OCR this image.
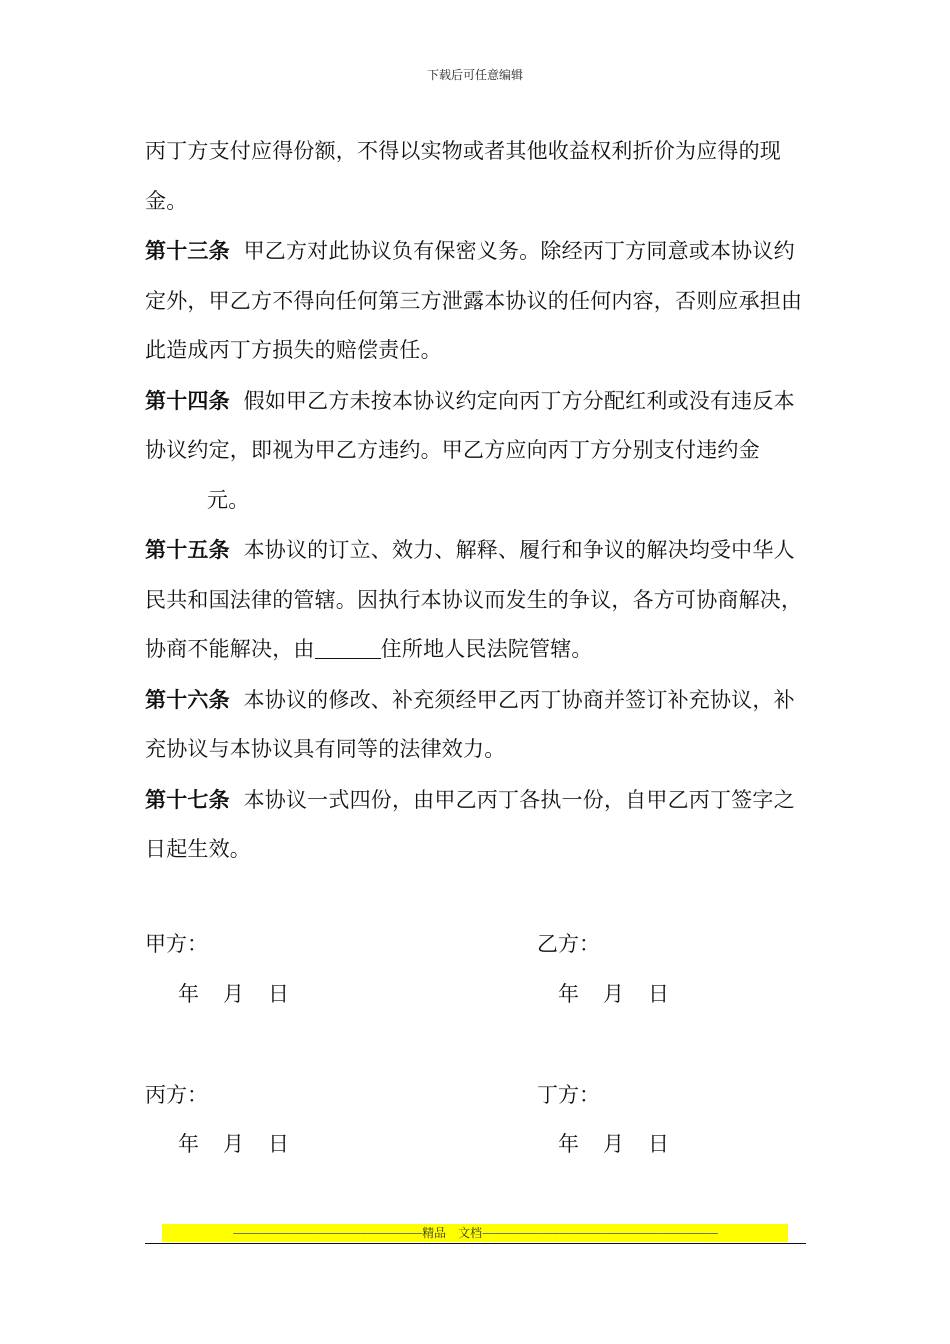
下载后可任意编辑

丙丁方支付应得份额，不得以实物或者其他收益权利折价为应得的现金。

第十三条 甲乙方对此协议负有保密义务。除经丙丁方同意或本协议约定外，甲乙方不得向任何第三方泄露本协议的任何内容，否则应承担由此造成丙丁方损失的赔偿责任。

第十四条 假如甲乙方未按本协议约定向丙丁方分配红利或没有违反本协议约定，即视为甲乙方违约。甲乙方应向丙丁方分别支付违约金元。

第十五条 本协议的订立、效力、解释、履行和争议的解决均受中华人民共和国法律的管辖。因执行本协议而发生的争议，各方可协商解决，协商不能解决，由	住所地人民法院管辖。

第十六条 本协议的修改、补充须经甲乙丙丁协商并签订补充协议，补充协议与本协议具有同等的法律效力。

第十七条 本协议一式四份，由甲乙丙丁各执一份，自甲乙丙丁签字之日起生效。

甲方：	乙方：
年 月 日	年 月 日
丙方：	丁方：
年 月 日	年 月 日
--------------------------------------------------------------精品　文档-----------------------------------------------------------------------------
